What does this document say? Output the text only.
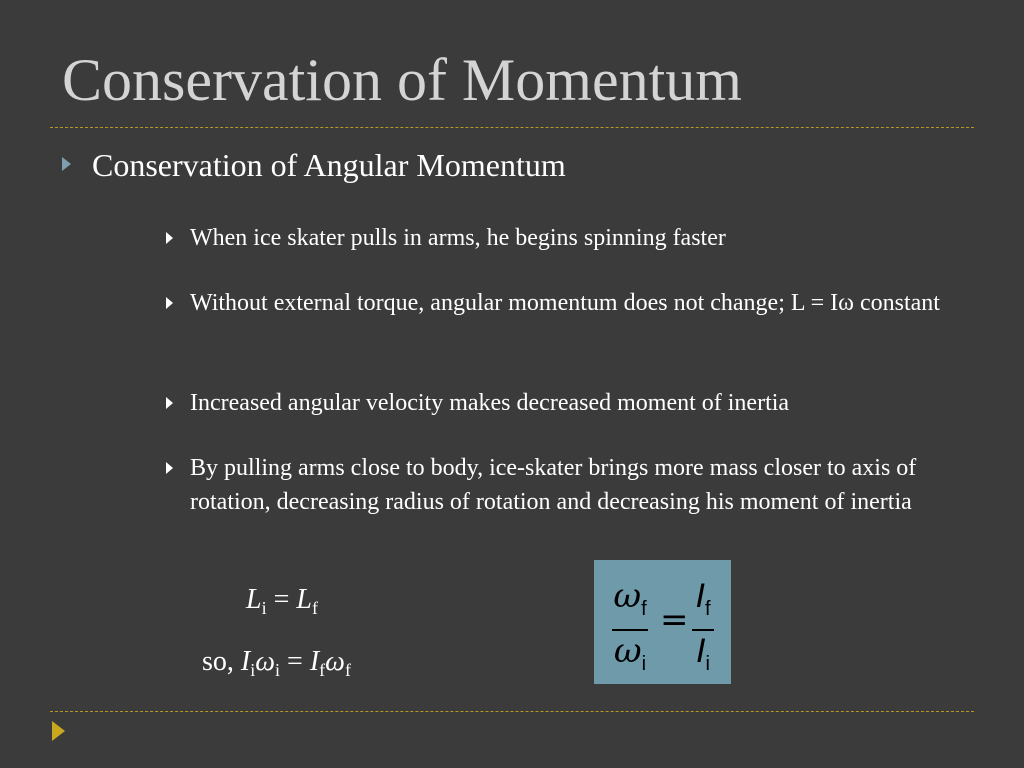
Conservation of Momentum
Conservation of Angular Momentum
When ice skater pulls in arms, he begins spinning faster
Without external torque, angular momentum does not change; L = Iω constant
Increased angular velocity makes decreased moment of inertia
By pulling arms close to body, ice-skater brings more mass closer to axis of rotation, decreasing radius of rotation and decreasing his moment of inertia
$L_i = L_f$
so, $I_i\omega_i = I_f\omega_f$
$\omega_f$
$\omega_i$
=
$I_f$
$I_i$
